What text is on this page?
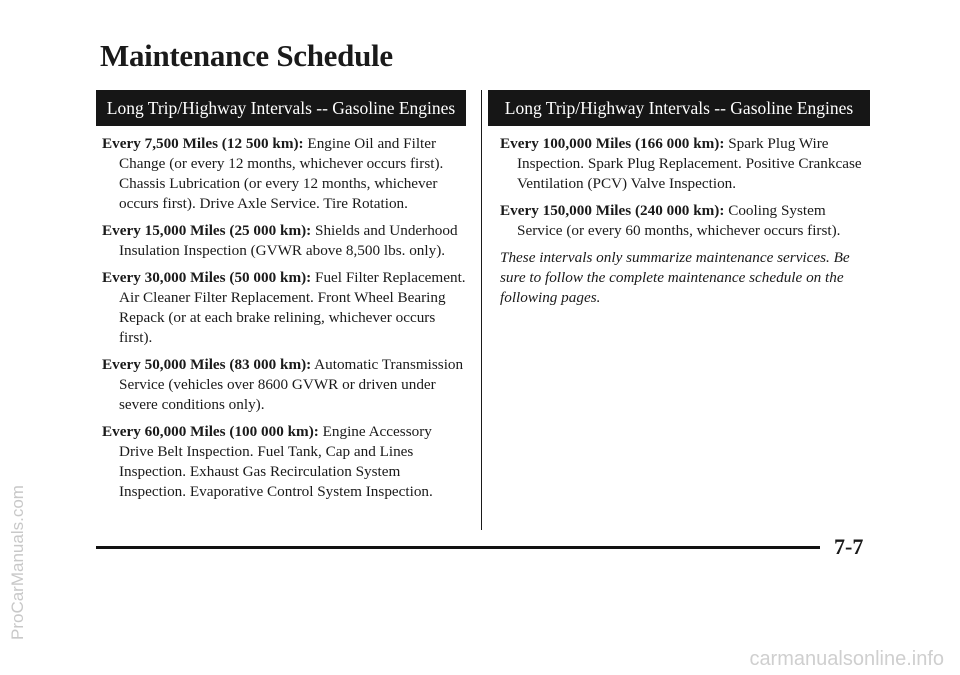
Maintenance Schedule
Long Trip/Highway Intervals -- Gasoline Engines	Long Trip/Highway Intervals -- Gasoline Engines

Every 7,500 Miles (12 500 km): Engine Oil and Filter Change (or every 12 months, whichever occurs first). Chassis Lubrication (or every 12 months, whichever occurs first). Drive Axle Service. Tire Rotation.

Every 15,000 Miles (25 000 km): Shields and Underhood Insulation Inspection (GVWR above 8,500 lbs. only).

Every 30,000 Miles (50 000 km): Fuel Filter Replacement. Air Cleaner Filter Replacement. Front Wheel Bearing Repack (or at each brake relining, whichever occurs first).

Every 50,000 Miles (83 000 km): Automatic Transmission Service (vehicles over 8600 GVWR or driven under severe conditions only).

Every 60,000 Miles (100 000 km): Engine Accessory Drive Belt Inspection. Fuel Tank, Cap and Lines Inspection. Exhaust Gas Recirculation System Inspection. Evaporative Control System Inspection.

Every 100,000 Miles (166 000 km): Spark Plug Wire Inspection. Spark Plug Replacement. Positive Crankcase Ventilation (PCV) Valve Inspection.

Every 150,000 Miles (240 000 km): Cooling System Service (or every 60 months, whichever occurs first).

These intervals only summarize maintenance services. Be sure to follow the complete maintenance schedule on the following pages.

7-7
ProCarManuals.com
carmanualsonline.info
